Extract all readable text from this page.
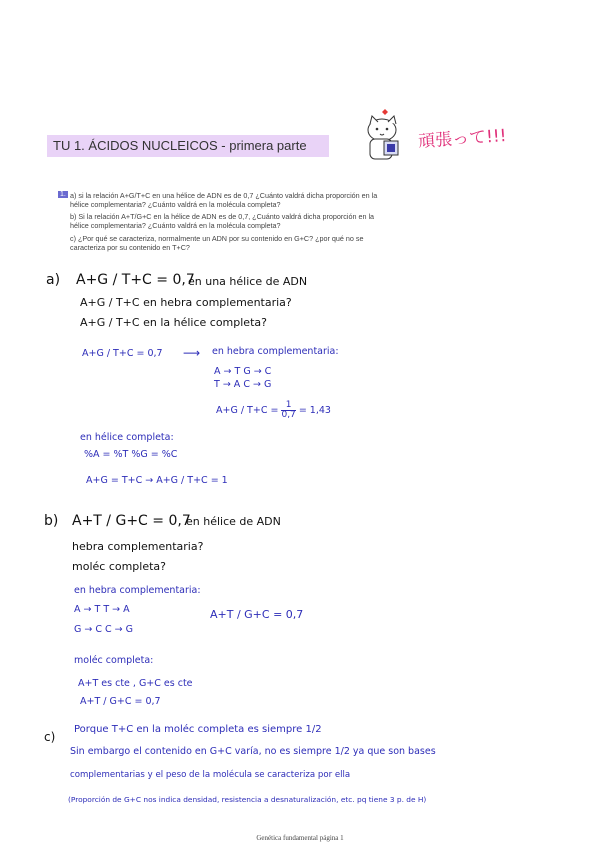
TU 1. ÁCIDOS NUCLEICOS - primera parte	頑張って!!!
1. a) si la relación A+G/T+C en una hélice de ADN es de 0,7 ¿Cuánto valdrá dicha proporción en la hélice complementaria? ¿Cuánto valdrá en la molécula completa?
b) Si la relación A+T/G+C en la hélice de ADN es de 0,7, ¿Cuánto valdrá dicha proporción en la hélice complementaria? ¿Cuánto valdrá en la molécula completa?
c) ¿Por qué se caracteriza, normalmente un ADN por su contenido en G+C? ¿por qué no se caracteriza por su contenido en T+C?
a) A+G / T+C = 0,7
en una hélice de ADN
A+G / T+C en hebra complementaria?
A+G / T+C en la hélice completa?
A+G / T+C = 0,7 ⟶ en hebra complementaria:
A → T G → C
T → A C → G
$A+G / T+C = \frac{1}{0,7} = 1,43$
en hélice completa:
%A = %T %G = %C
A+G = T+C → A+G / T+C = 1
b) A+T / G+C = 0,7
en hélice de ADN
hebra complementaria?
moléc completa?
en hebra complementaria:
A → T T → A
G → C C → G
A+T / G+C = 0,7
moléc completa:
A+T es cte , G+C es cte
A+T / G+C = 0,7
c)
Porque T+C en la moléc completa es siempre 1/2
Sin embargo el contenido en G+C varía, no es siempre 1/2 ya que son bases
complementarias y el peso de la molécula se caracteriza por ella
(Proporción de G+C nos indica densidad, resistencia a desnaturalización, etc. pq tiene 3 p. de H)
Genética fundamental página 1
